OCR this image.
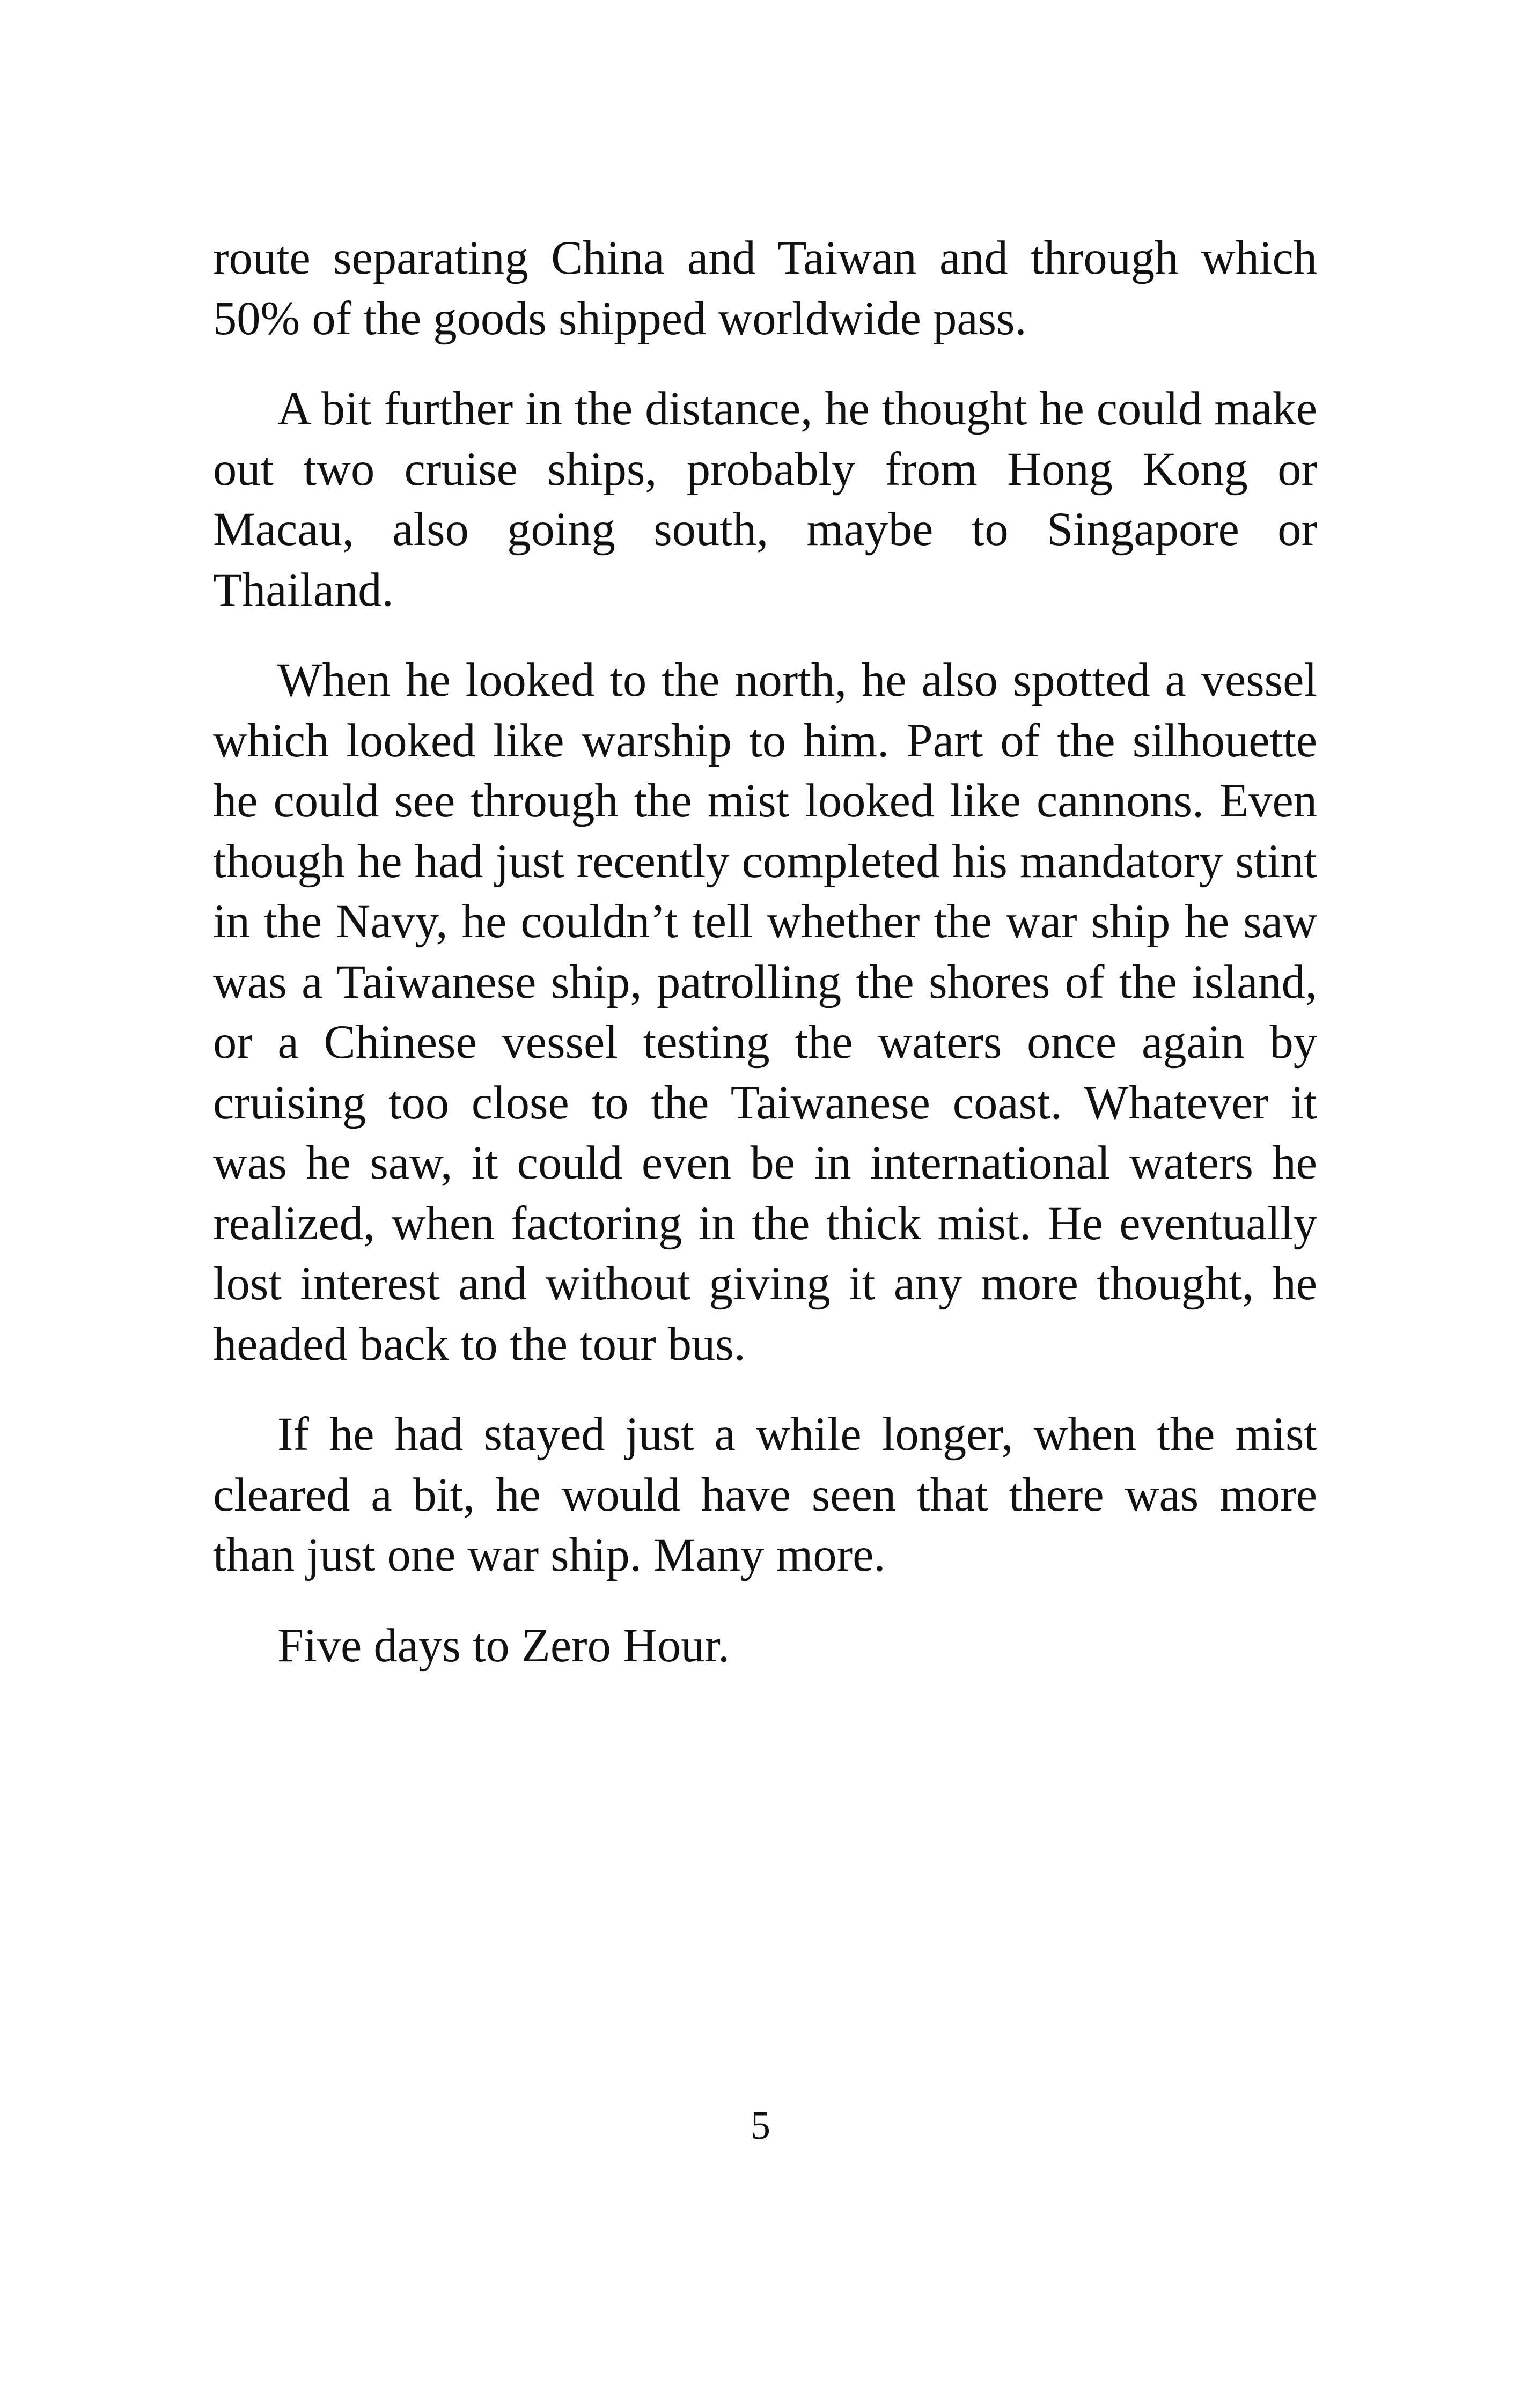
route separating China and Taiwan and through which 50% of the goods shipped worldwide pass.

A bit further in the distance, he thought he could make out two cruise ships, probably from Hong Kong or Macau, also going south, maybe to Singapore or Thailand.

When he looked to the north, he also spotted a vessel which looked like warship to him. Part of the silhouette he could see through the mist looked like cannons. Even though he had just recently completed his mandatory stint in the Navy, he couldn’t tell whether the war ship he saw was a Taiwanese ship, patrolling the shores of the island, or a Chinese vessel testing the waters once again by cruising too close to the Taiwanese coast. Whatever it was he saw, it could even be in international waters he realized, when factoring in the thick mist. He eventually lost interest and without giving it any more thought, he headed back to the tour bus.

If he had stayed just a while longer, when the mist cleared a bit, he would have seen that there was more than just one war ship. Many more.

Five days to Zero Hour.

5
